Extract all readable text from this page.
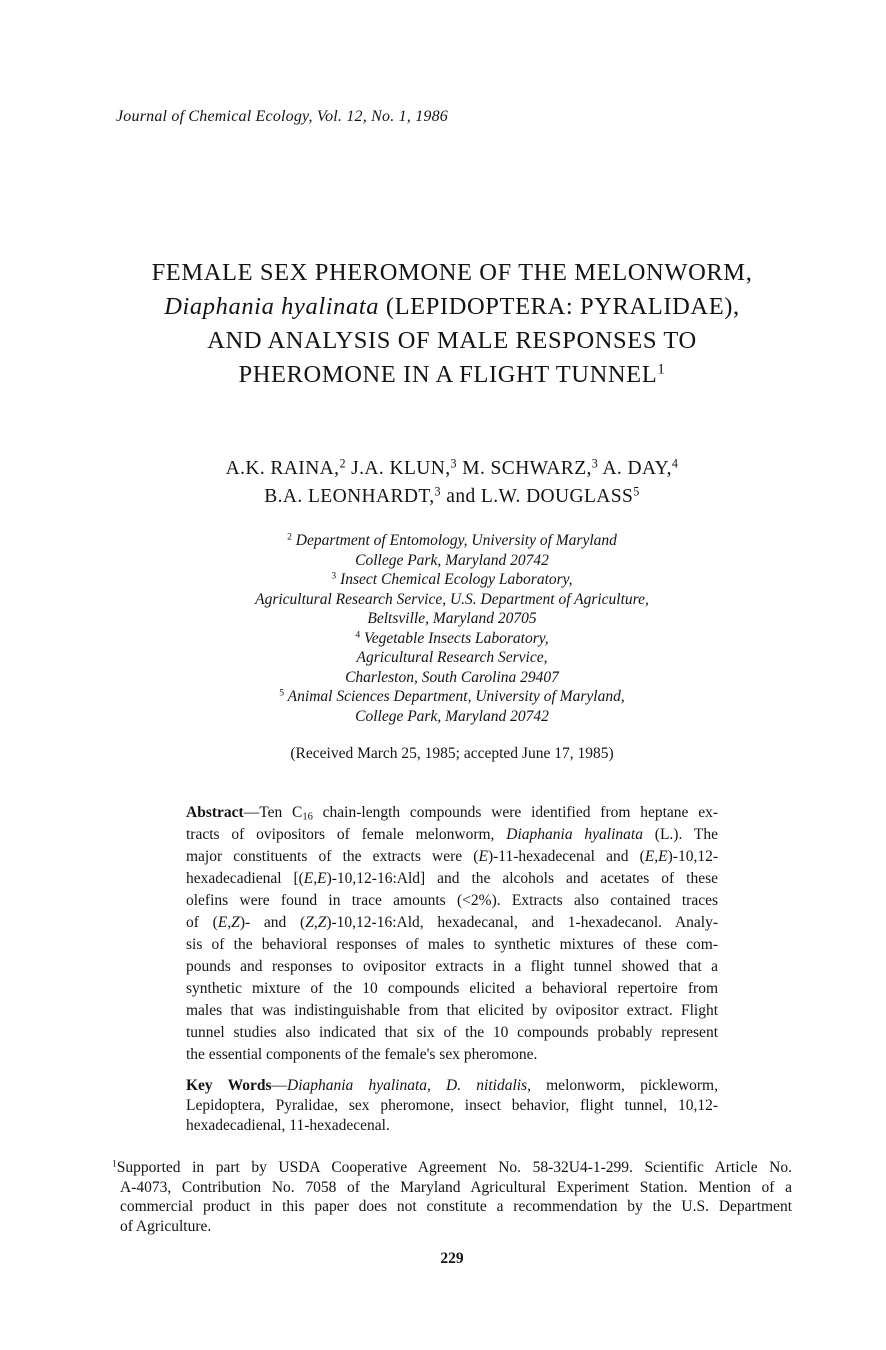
Journal of Chemical Ecology, Vol. 12, No. 1, 1986
FEMALE SEX PHEROMONE OF THE MELONWORM,
Diaphania hyalinata (LEPIDOPTERA: PYRALIDAE),
AND ANALYSIS OF MALE RESPONSES TO
PHEROMONE IN A FLIGHT TUNNEL$^1$
A.K. RAINA,$^2$ J.A. KLUN,$^3$ M. SCHWARZ,$^3$ A. DAY,$^4$
B.A. LEONHARDT,$^3$ and L.W. DOUGLASS$^5$
$^2$ Department of Entomology, University of Maryland
College Park, Maryland 20742
$^3$ Insect Chemical Ecology Laboratory,
Agricultural Research Service, U.S. Department of Agriculture,
Beltsville, Maryland 20705
$^4$ Vegetable Insects Laboratory,
Agricultural Research Service,
Charleston, South Carolina 29407
$^5$ Animal Sciences Department, University of Maryland,
College Park, Maryland 20742
(Received March 25, 1985; accepted June 17, 1985)
Abstract—Ten $C_{16}$ chain-length compounds were identified from heptane ex-
tracts of ovipositors of female melonworm, Diaphania hyalinata (L.). The
major constituents of the extracts were (E)-11-hexadecenal and (E,E)-10,12-
hexadecadienal [(E,E)-10,12-16:Ald] and the alcohols and acetates of these
olefins were found in trace amounts (<2%). Extracts also contained traces
of (E,Z)- and (Z,Z)-10,12-16:Ald, hexadecanal, and 1-hexadecanol. Analy-
sis of the behavioral responses of males to synthetic mixtures of these com-
pounds and responses to ovipositor extracts in a flight tunnel showed that a
synthetic mixture of the 10 compounds elicited a behavioral repertoire from
males that was indistinguishable from that elicited by ovipositor extract. Flight
tunnel studies also indicated that six of the 10 compounds probably represent
the essential components of the female's sex pheromone.
Key Words—Diaphania hyalinata, D. nitidalis, melonworm, pickleworm,
Lepidoptera, Pyralidae, sex pheromone, insect behavior, flight tunnel, 10,12-
hexadecadienal, 11-hexadecenal.
$^1$Supported in part by USDA Cooperative Agreement No. 58-32U4-1-299. Scientific Article No.
A-4073, Contribution No. 7058 of the Maryland Agricultural Experiment Station. Mention of a
commercial product in this paper does not constitute a recommendation by the U.S. Department
of Agriculture.
229
